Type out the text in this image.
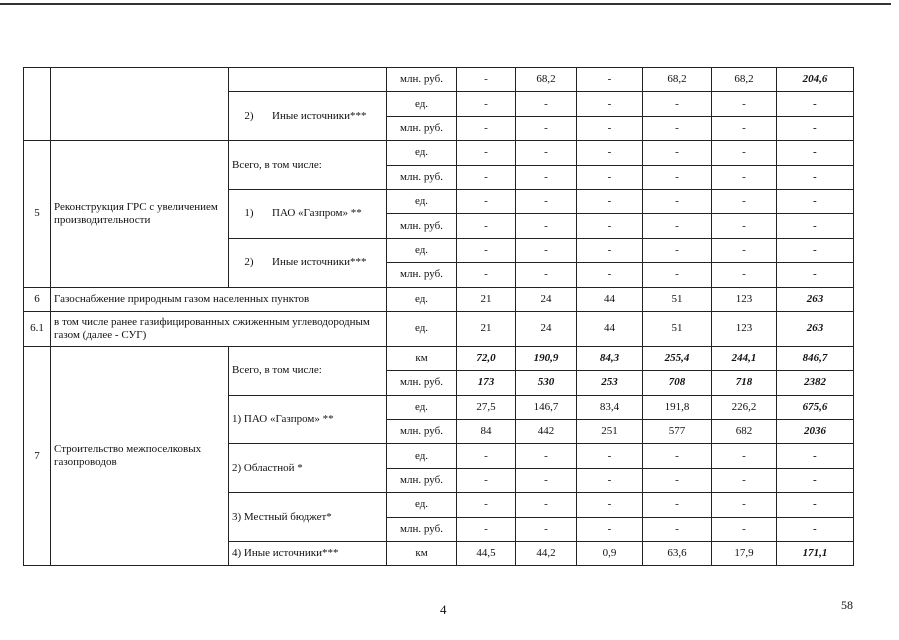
			млн. руб.	-	68,2	-	68,2	68,2	204,6

		2) Иные источники***	ед.	-	-	-	-	-	-
			млн. руб.	-	-	-	-	-	-
5	Реконструкция ГРС с увеличением производительности	Всего, в том числе:	ед.	-	-	-	-	-	-
			млн. руб.	-	-	-	-	-	-

		1) ПАО «Газпром» **	ед.	-	-	-	-	-	-
			млн. руб.	-	-	-	-	-	-

		2) Иные источники***	ед.	-	-	-	-	-	-
			млн. руб.	-	-	-	-	-	-
6	Газоснабжение природным газом населенных пунктов		ед.	21	24	44	51	123	263
6.1	в том числе ранее газифицированных сжиженным углеводородным газом (далее - СУГ)		ед.	21	24	44	51	123	263
7	Строительство межпоселковых газопроводов	Всего, в том числе:	км	72,0	190,9	84,3	255,4	244,1	846,7
			млн. руб.	173	530	253	708	718	2382
		1) ПАО «Газпром» **	ед.	27,5	146,7	83,4	191,8	226,2	675,6
			млн. руб.	84	442	251	577	682	2036
		2) Областной *	ед.	-	-	-	-	-	-
			млн. руб.	-	-	-	-	-	-
		3) Местный бюджет*	ед.	-	-	-	-	-	-
			млн. руб.	-	-	-	-	-	-
		4) Иные источники***	км	44,5	44,2	0,9	63,6	17,9	171,1
4	58
